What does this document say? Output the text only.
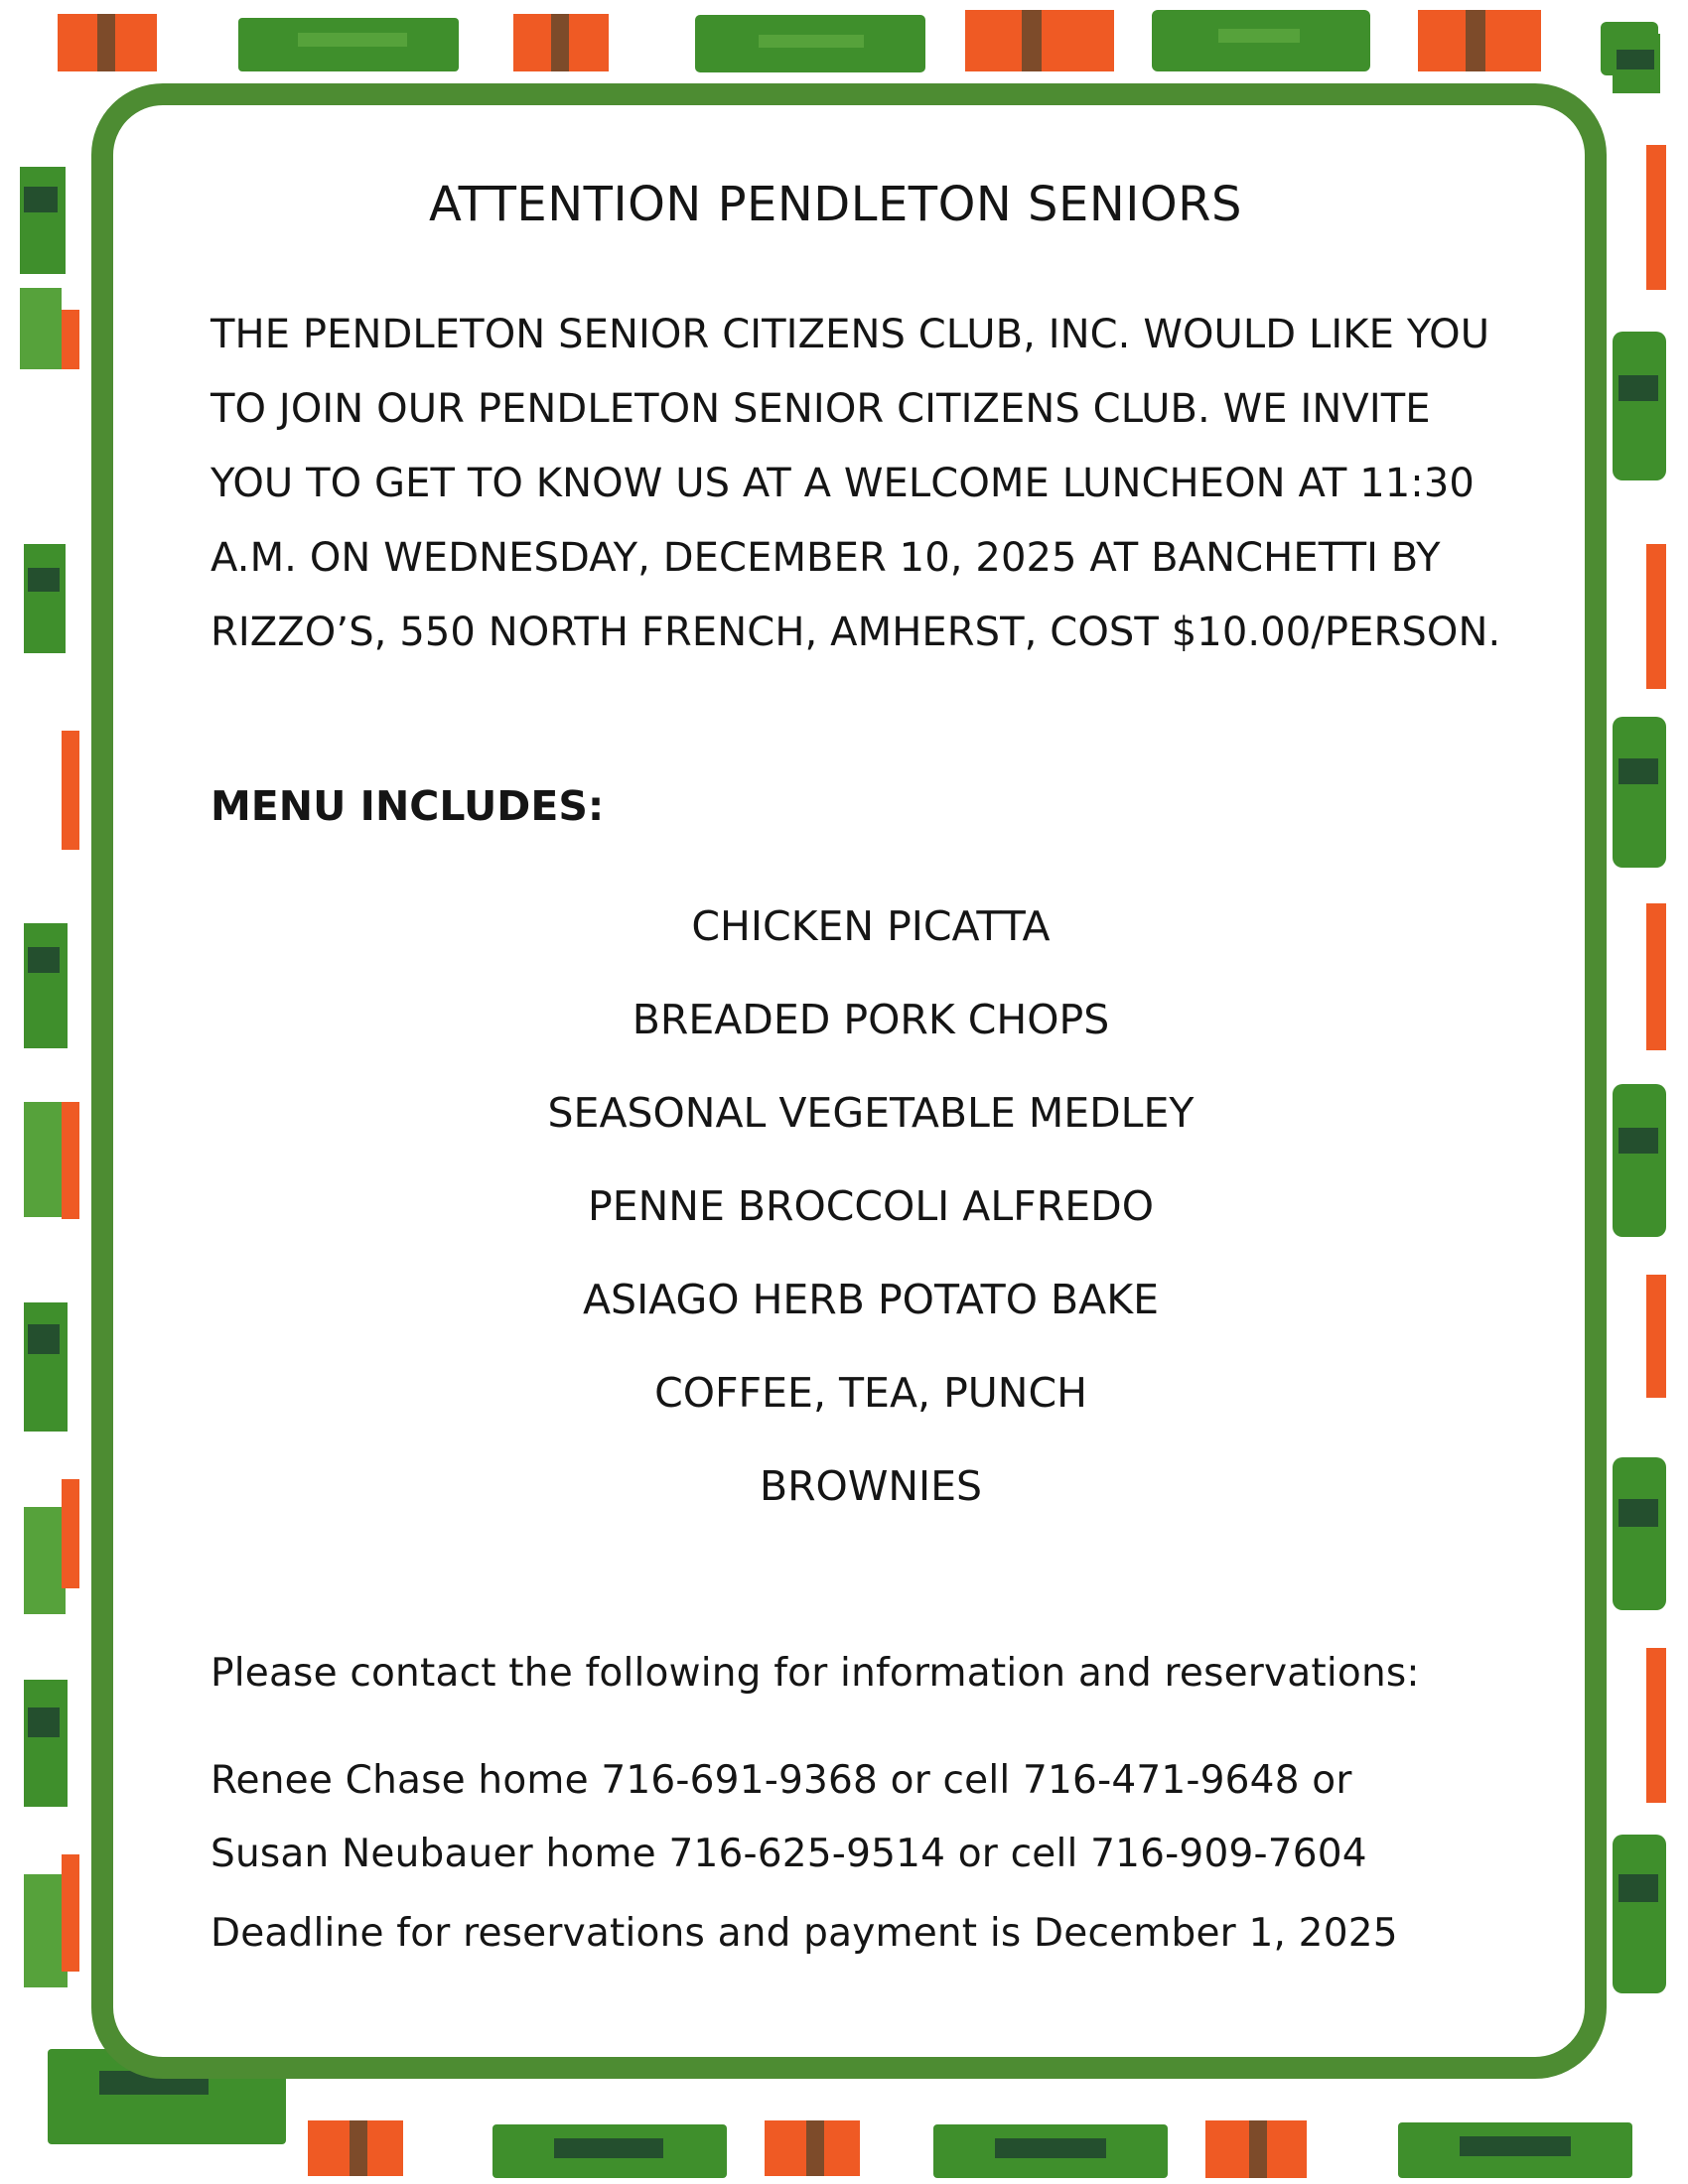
ATTENTION PENDLETON SENIORS
THE PENDLETON SENIOR CITIZENS CLUB, INC. WOULD LIKE YOU
TO JOIN OUR PENDLETON SENIOR CITIZENS CLUB. WE INVITE
YOU TO GET TO KNOW US AT A WELCOME LUNCHEON AT 11:30
A.M. ON WEDNESDAY, DECEMBER 10, 2025 AT BANCHETTI BY
RIZZO’S, 550 NORTH FRENCH, AMHERST, COST $10.00/PERSON.
MENU INCLUDES:
CHICKEN PICATTA
BREADED PORK CHOPS
SEASONAL VEGETABLE MEDLEY
PENNE BROCCOLI ALFREDO
ASIAGO HERB POTATO BAKE
COFFEE, TEA, PUNCH
BROWNIES
Please contact the following for information and reservations:
Renee Chase home 716-691-9368 or cell 716-471-9648 or
Susan Neubauer home 716-625-9514 or cell 716-909-7604
Deadline for reservations and payment is December 1, 2025
